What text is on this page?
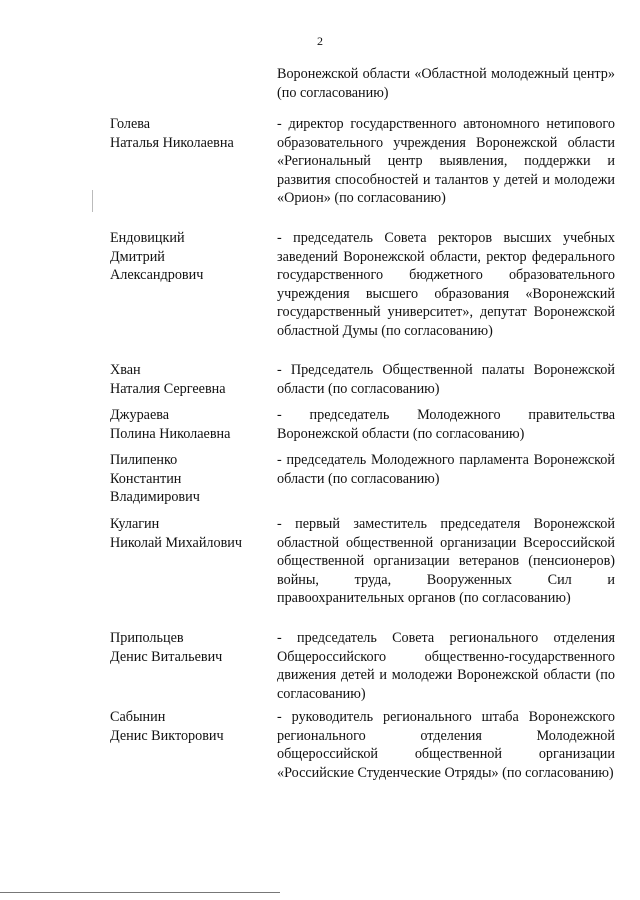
2
Воронежской области «Областной молодежный центр» (по согласованию)
Голева
Наталья Николаевна
- директор государственного автономного нетипового образовательного учреждения Воронежской области «Региональный центр выявления, поддержки и развития способностей и талантов у детей и молодежи «Орион» (по согласованию)
Ендовицкий
Дмитрий
Александрович
- председатель Совета ректоров высших учебных заведений Воронежской области, ректор федерального государственного бюджетного образовательного учреждения высшего образования «Воронежский государственный университет», депутат Воронежской областной Думы (по согласованию)
Хван
Наталия Сергеевна
- Председатель Общественной палаты Воронежской области (по согласованию)
Джураева
Полина Николаевна
- председатель Молодежного правительства Воронежской области (по согласованию)
Пилипенко
Константин
Владимирович
- председатель Молодежного парламента Воронежской области (по согласованию)
Кулагин
Николай Михайлович
- первый заместитель председателя Воронежской областной общественной организации Всероссийской общественной организации ветеранов (пенсионеров) войны, труда, Вооруженных Сил и правоохранительных органов (по согласованию)
Припольцев
Денис Витальевич
- председатель Совета регионального отделения Общероссийского общественно-государственного движения детей и молодежи Воронежской области (по согласованию)
Сабынин
Денис Викторович
- руководитель регионального штаба Воронежского регионального отделения Молодежной общероссийской общественной организации «Российские Студенческие Отряды» (по согласованию)
